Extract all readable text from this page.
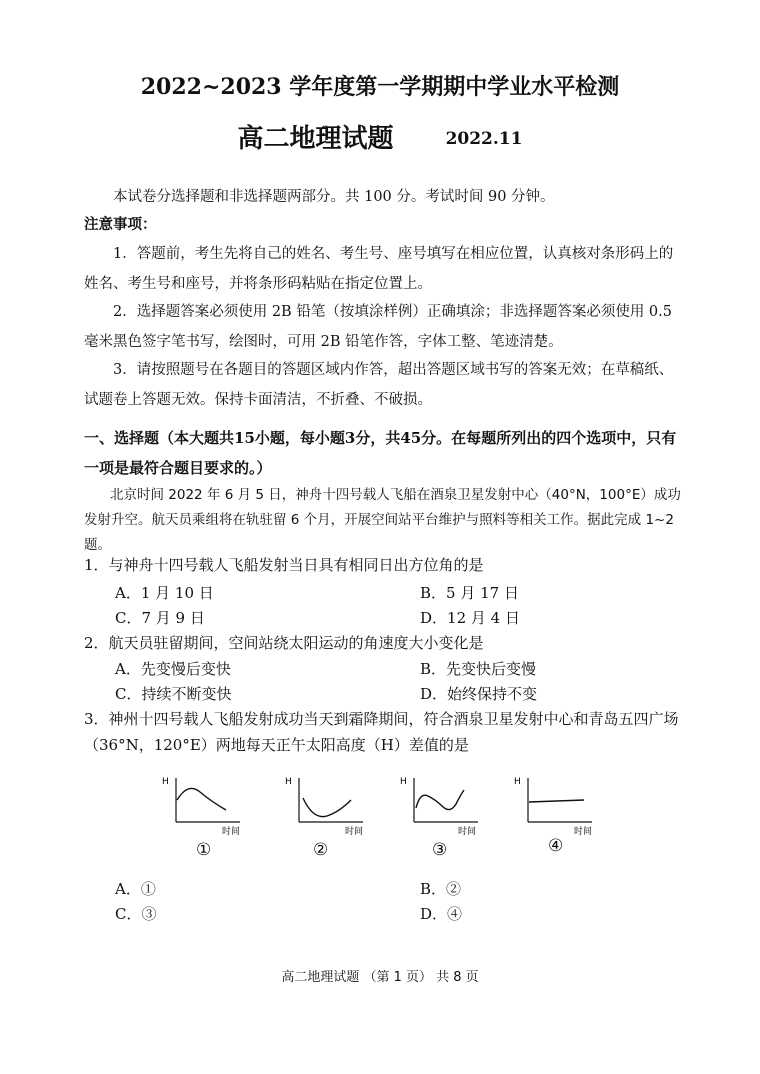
2022~2023 学年度第一学期期中学业水平检测
高二地理试题	2022.11
本试卷分选择题和非选择题两部分。共 100 分。考试时间 90 分钟。
注意事项：
1．答题前，考生先将自己的姓名、考生号、座号填写在相应位置，认真核对条形码上的姓名、考生号和座号，并将条形码粘贴在指定位置上。
2．选择题答案必须使用 2B 铅笔（按填涂样例）正确填涂；非选择题答案必须使用 0.5 毫米黑色签字笔书写，绘图时，可用 2B 铅笔作答，字体工整、笔迹清楚。
3．请按照题号在各题目的答题区域内作答，超出答题区域书写的答案无效；在草稿纸、试题卷上答题无效。保持卡面清洁，不折叠、不破损。
一、选择题（本大题共15小题，每小题3分，共45分。在每题所列出的四个选项中，只有一项是最符合题目要求的。）
北京时间 2022 年 6 月 5 日，神舟十四号载人飞船在酒泉卫星发射中心（40°N，100°E）成功发射升空。航天员乘组将在轨驻留 6 个月，开展空间站平台维护与照料等相关工作。据此完成 1~2 题。
1．与神舟十四号载人飞船发射当日具有相同日出方位角的是
A．1 月 10 日	B．5 月 17 日
C．7 月 9 日	D．12 月 4 日
2．航天员驻留期间，空间站绕太阳运动的角速度大小变化是
A．先变慢后变快	B．先变快后变慢
C．持续不断变快	D．始终保持不变
3．神州十四号载人飞船发射成功当天到霜降期间，符合酒泉卫星发射中心和青岛五四广场（36°N，120°E）两地每天正午太阳高度（H）差值的是
H
时间
①
H
时间
②
H
时间
③
H
时间
④
A．①	B．②
C．③	D．④
高二地理试题 （第 1 页） 共 8 页
